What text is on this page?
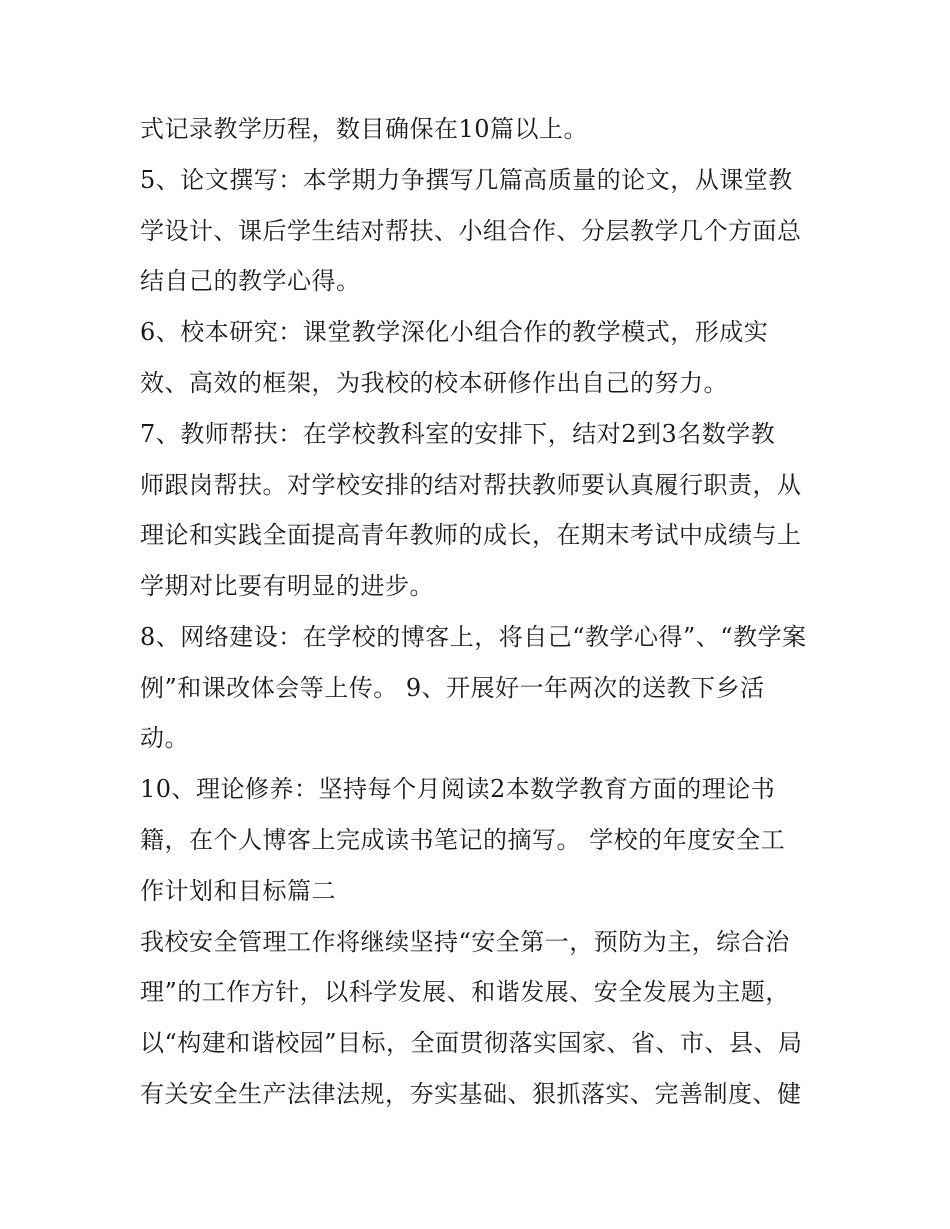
式记录教学历程，数目确保在10篇以上。
5、论文撰写：本学期力争撰写几篇高质量的论文，从课堂教
学设计、课后学生结对帮扶、小组合作、分层教学几个方面总
结自己的教学心得。
6、校本研究：课堂教学深化小组合作的教学模式，形成实
效、高效的框架，为我校的校本研修作出自己的努力。
7、教师帮扶：在学校教科室的安排下，结对2到3名数学教
师跟岗帮扶。对学校安排的结对帮扶教师要认真履行职责，从
理论和实践全面提高青年教师的成长，在期末考试中成绩与上
学期对比要有明显的进步。
8、网络建设：在学校的博客上，将自己“教学心得”、“教学案
例”和课改体会等上传。 9、开展好一年两次的送教下乡活
动。
10、理论修养：坚持每个月阅读2本数学教育方面的理论书
籍，在个人博客上完成读书笔记的摘写。 学校的年度安全工
作计划和目标篇二
我校安全管理工作将继续坚持“安全第一，预防为主，综合治
理”的工作方针，以科学发展、和谐发展、安全发展为主题，
以“构建和谐校园”目标，全面贯彻落实国家、省、市、县、局
有关安全生产法律法规，夯实基础、狠抓落实、完善制度、健
